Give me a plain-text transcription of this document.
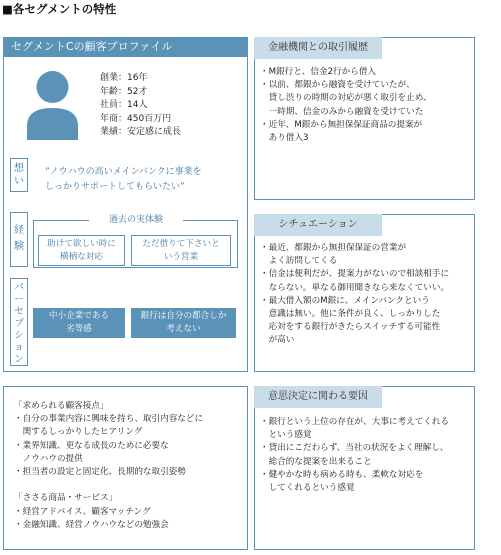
■各セグメントの特性
セグメントCの顧客プロファイル
創業：16年
年齢：52才
社員：14人
年商：450百万円
業績：安定感に成長
想い
”ノウハウの高いメインバンクに事業を
しっかりサポートしてもらいたい”
経験
過去の実体験
助けて欲しい時に
横柄な対応
ただ借りて下さいと
いう営業
パーセプション
中小企業である
劣等感
銀行は自分の都合しか
考えない
「求められる顧客接点」
・自分の事業内容に興味を持ち、取引内容などに
　関するしっかりしたヒアリング
・業界知識、更なる成長のために必要な
　ノウハウの提供
・担当者の設定と固定化、長期的な取引姿勢
「ささる商品・サービス」
・経営アドバイス、顧客マッチング
・金融知識、経営ノウハウなどの勉強会
金融機関との取引履歴
・M銀行と、信金2行から借入
・以前、都銀から融資を受けていたが、
　貸し渋りの時期の対応が悪く取引を止め、
　一時期、信金のみから融資を受けていた
・近年、M銀から無担保保証商品の提案が
　あり借入3
シチュエーション
・最近、都銀から無担保保証の営業が
　よく訪問してくる
・信金は便利だが、提案力がないので相談相手に
　ならない。単なる御用聞きなら来なくていい。
・最大借入額のM銀に、メインバンクという
　意識は無い。他に条件が良く、しっかりした
　応対をする銀行がきたらスイッチする可能性
　が高い
意思決定に関わる要因
・銀行という上位の存在が、大事に考えてくれる
　という感覚
・貸出にこだわらず、当社の状況をよく理解し、
　総合的な提案を出来ること
・健やかな時も病める時も、柔軟な対応を
　してくれるという感覚
